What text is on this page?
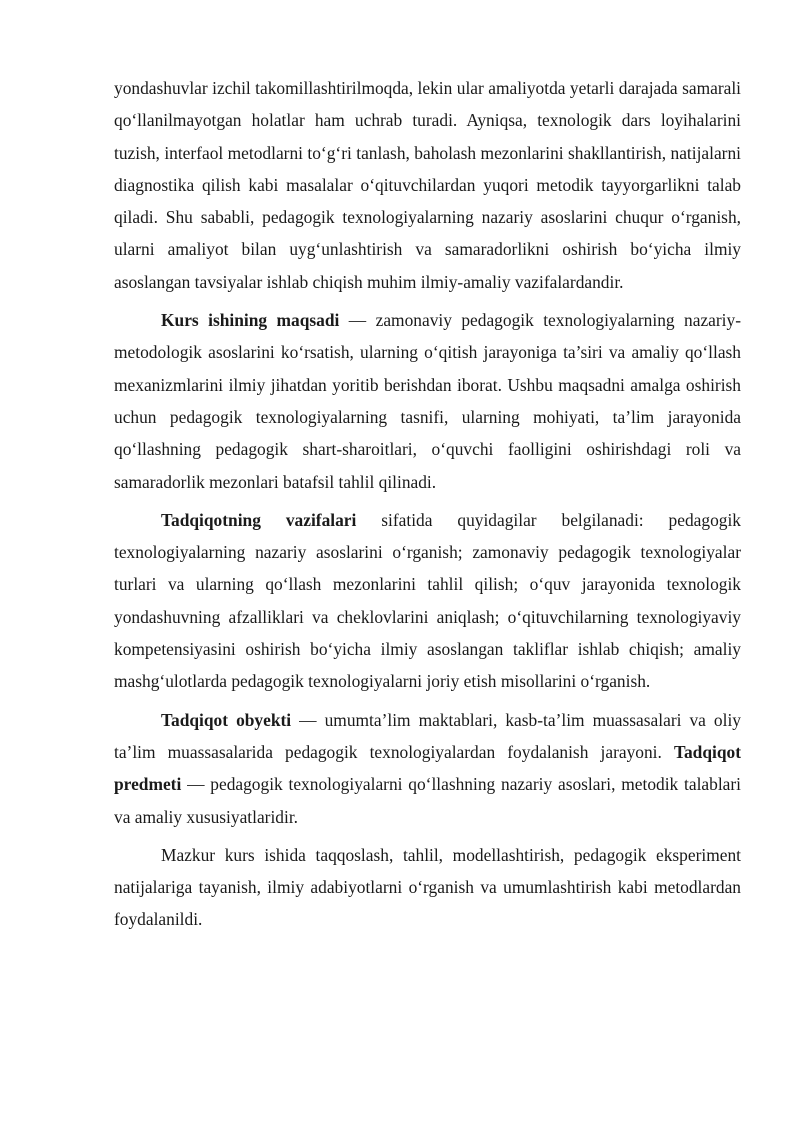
yondashuvlar izchil takomillashtirilmoqda, lekin ular amaliyotda yetarli darajada samarali qo‘llanilmayotgan holatlar ham uchrab turadi. Ayniqsa, texnologik dars loyihalarini tuzish, interfaol metodlarni to‘g‘ri tanlash, baholash mezonlarini shakllantirish, natijalarni diagnostika qilish kabi masalalar o‘qituvchilardan yuqori metodik tayyorgarlikni talab qiladi. Shu sababli, pedagogik texnologiyalarning nazariy asoslarini chuqur o‘rganish, ularni amaliyot bilan uyg‘unlashtirish va samaradorlikni oshirish bo‘yicha ilmiy asoslangan tavsiyalar ishlab chiqish muhim ilmiy-amaliy vazifalardandir.

Kurs ishining maqsadi — zamonaviy pedagogik texnologiyalarning nazariy-metodologik asoslarini ko‘rsatish, ularning o‘qitish jarayoniga ta’siri va amaliy qo‘llash mexanizmlarini ilmiy jihatdan yoritib berishdan iborat. Ushbu maqsadni amalga oshirish uchun pedagogik texnologiyalarning tasnifi, ularning mohiyati, ta’lim jarayonida qo‘llashning pedagogik shart-sharoitlari, o‘quvchi faolligini oshirishdagi roli va samaradorlik mezonlari batafsil tahlil qilinadi.

Tadqiqotning vazifalari sifatida quyidagilar belgilanadi: pedagogik texnologiyalarning nazariy asoslarini o‘rganish; zamonaviy pedagogik texnologiyalar turlari va ularning qo‘llash mezonlarini tahlil qilish; o‘quv jarayonida texnologik yondashuvning afzalliklari va cheklovlarini aniqlash; o‘qituvchilarning texnologiyaviy kompetensiyasini oshirish bo‘yicha ilmiy asoslangan takliflar ishlab chiqish; amaliy mashg‘ulotlarda pedagogik texnologiyalarni joriy etish misollarini o‘rganish.

Tadqiqot obyekti — umumta’lim maktablari, kasb-ta’lim muassasalari va oliy ta’lim muassasalarida pedagogik texnologiyalardan foydalanish jarayoni. Tadqiqot predmeti — pedagogik texnologiyalarni qo‘llashning nazariy asoslari, metodik talablari va amaliy xususiyatlaridir.

Mazkur kurs ishida taqqoslash, tahlil, modellashtirish, pedagogik eksperiment natijalariga tayanish, ilmiy adabiyotlarni o‘rganish va umumlashtirish kabi metodlardan foydalanildi.
